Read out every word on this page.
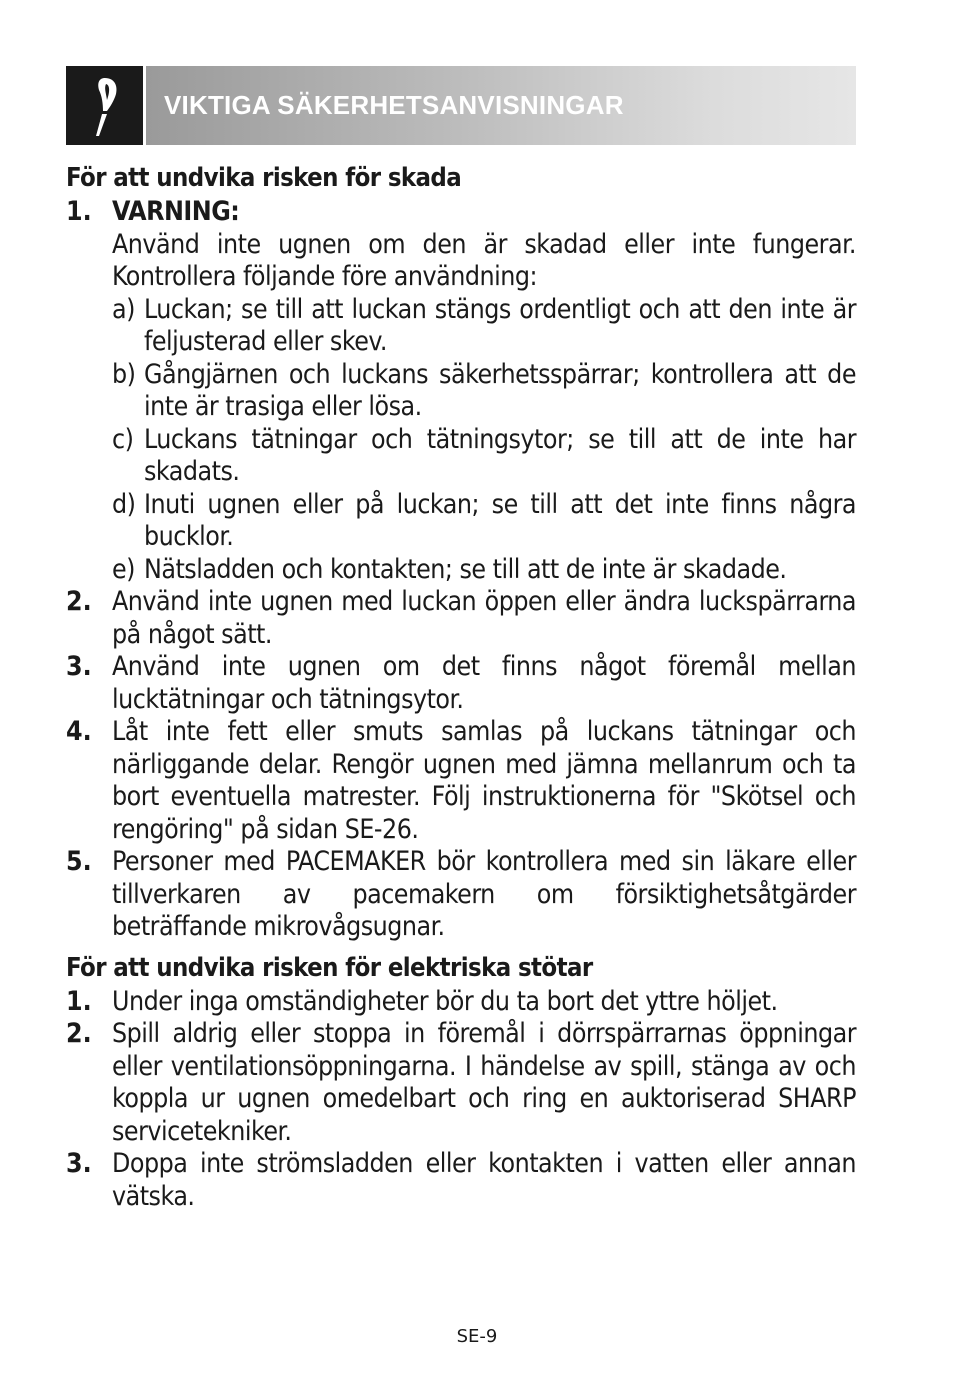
VIKTIGA SÄKERHETSANVISNINGAR
För att undvika risken för skada
1. VARNING:
Använd inte ugnen om den är skadad eller inte fungerar. Kontrollera följande före användning:
a) Luckan; se till att luckan stängs ordentligt och att den inte är feljusterad eller skev.
b) Gångjärnen och luckans säkerhetsspärrar; kontrollera att de inte är trasiga eller lösa.
c) Luckans tätningar och tätningsytor; se till att de inte har skadats.
d) Inuti ugnen eller på luckan; se till att det inte finns några bucklor.
e) Nätsladden och kontakten; se till att de inte är skadade.
2. Använd inte ugnen med luckan öppen eller ändra luckspärrarna på något sätt.
3. Använd inte ugnen om det finns något föremål mellan lucktätningar och tätningsytor.
4. Låt inte fett eller smuts samlas på luckans tätningar och närliggande delar. Rengör ugnen med jämna mellanrum och ta bort eventuella matrester. Följ instruktionerna för "Skötsel och rengöring" på sidan SE-26.
5. Personer med PACEMAKER bör kontrollera med sin läkare eller tillverkaren av pacemakern om försiktighetsåtgärder beträffande mikrovågsugnar.
För att undvika risken för elektriska stötar
1. Under inga omständigheter bör du ta bort det yttre höljet.
2. Spill aldrig eller stoppa in föremål i dörrspärrarnas öppningar eller ventilationsöppningarna. I händelse av spill, stänga av och koppla ur ugnen omedelbart och ring en auktoriserad SHARP servicetekniker.
3. Doppa inte strömsladden eller kontakten i vatten eller annan vätska.
SE-9
